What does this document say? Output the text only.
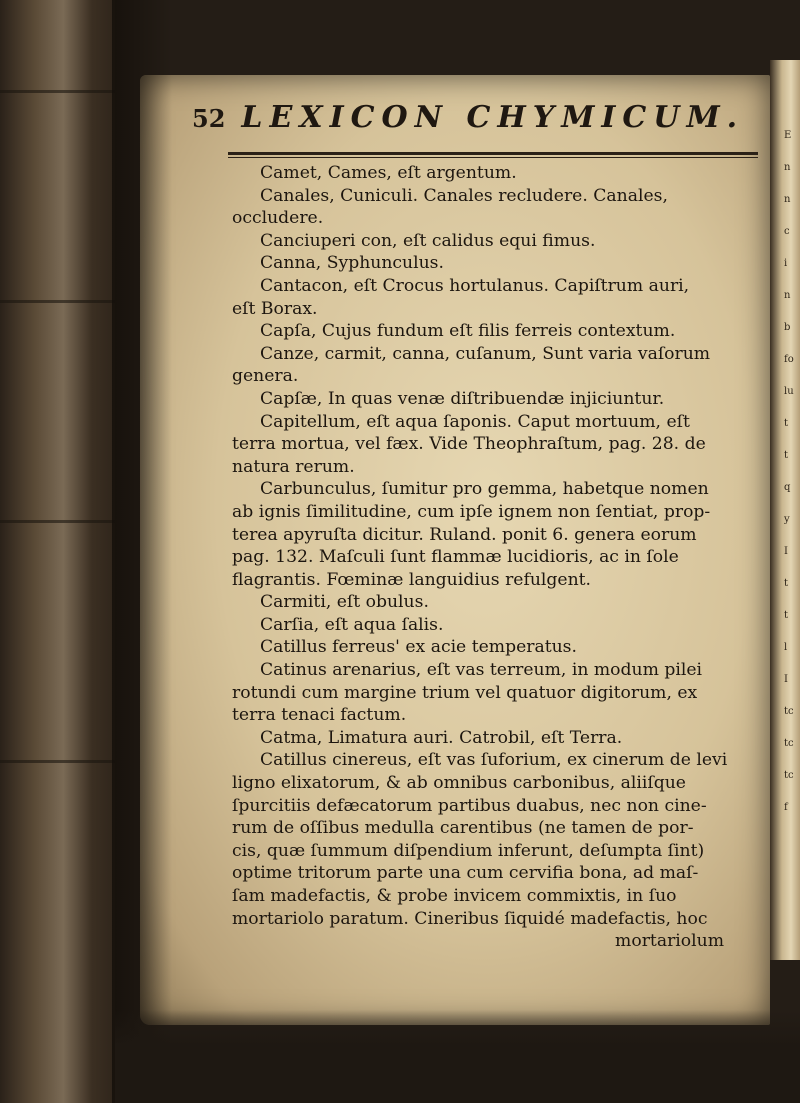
52 LEXICON CHYMICUM.
Camet, Cames, eſt argentum.
Canales, Cuniculi. Canales recludere. Canales,
occludere.
Canciuperi con, eſt calidus equi fimus.
Canna, Syphunculus.
Cantacon, eſt Crocus hortulanus. Capiſtrum auri,
eſt Borax.
Capſa, Cujus fundum eſt filis ferreis contextum.
Canze, carmit, canna, cuſanum, Sunt varia vaſorum
genera.
Capſæ, In quas venæ diſtribuendæ injiciuntur.
Capitellum, eſt aqua ſaponis. Caput mortuum, eſt
terra mortua, vel fæx. Vide Theophraſtum, pag. 28. de
natura rerum.
Carbunculus, ſumitur pro gemma, habetque nomen
ab ignis ſimilitudine, cum ipſe ignem non ſentiat, prop-
terea apyruſta dicitur. Ruland. ponit 6. genera eorum
pag. 132. Maſculi ſunt flammæ lucidioris, ac in ſole
flagrantis. Fœminæ languidius refulgent.
Carmiti, eſt obulus.
Carſia, eſt aqua ſalis.
Catillus ferreus' ex acie temperatus.
Catinus arenarius, eſt vas terreum, in modum pilei
rotundi cum margine trium vel quatuor digitorum, ex
terra tenaci factum.
Catma, Limatura auri. Catrobil, eſt Terra.
Catillus cinereus, eſt vas ſuforium, ex cinerum de levi
ligno elixatorum, & ab omnibus carbonibus, aliiſque
ſpurcitiis defæcatorum partibus duabus, nec non cine-
rum de oſſibus medulla carentibus (ne tamen de por-
cis, quæ ſummum diſpendium inferunt, deſumpta ſint)
optime tritorum parte una cum cervifia bona, ad maſ-
ſam madefactis, & probe invicem commixtis, in ſuo
mortariolo paratum. Cineribus ſiquidé madefactis, hoc
mortariolum
E
n
n
c
i
n
b
fo
lu
t
t
q
y
I
t
t
l
I
tc
tc
tc
f
